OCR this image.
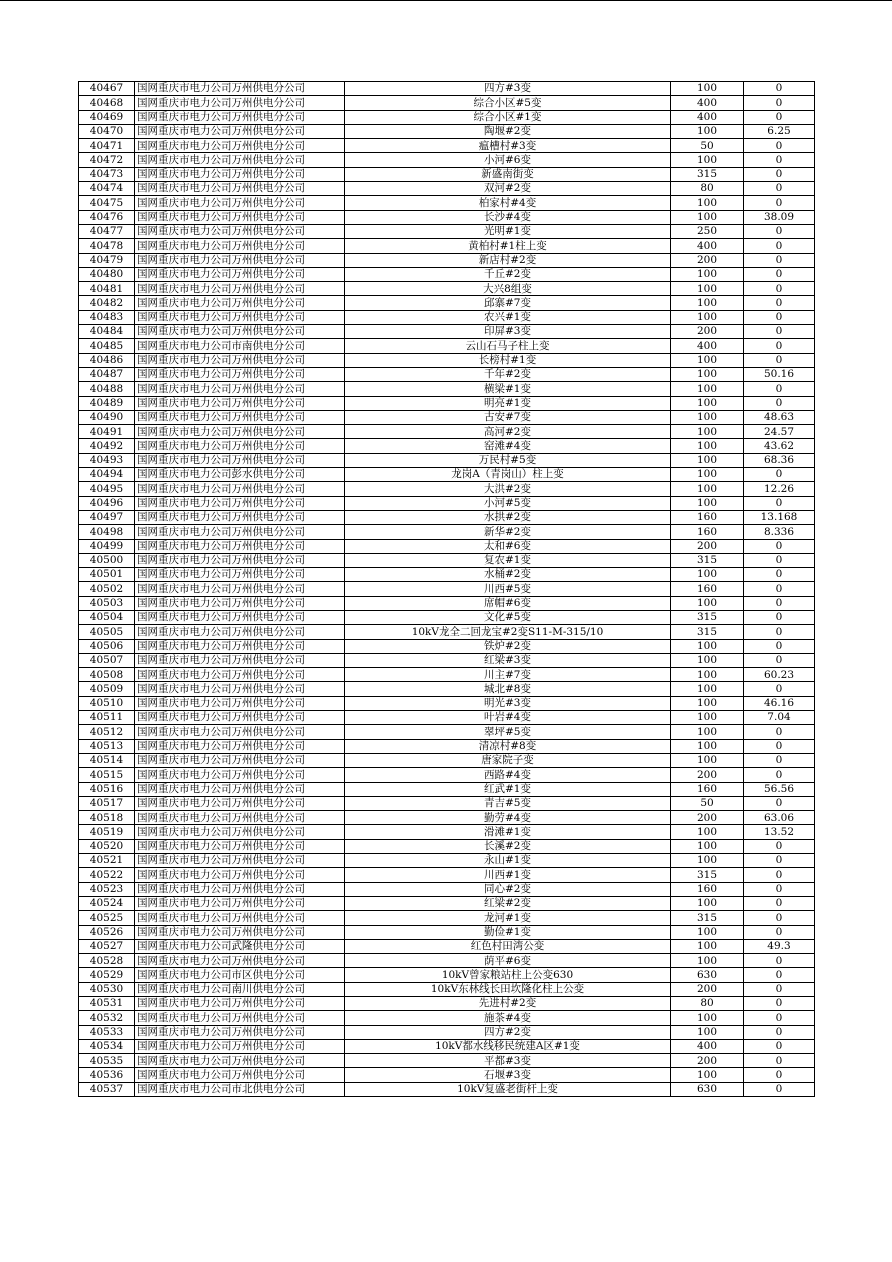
40467	国网重庆市电力公司万州供电分公司	四方#3变	100	0
40468	国网重庆市电力公司万州供电分公司	综合小区#5变	400	0
40469	国网重庆市电力公司万州供电分公司	综合小区#1变	400	0
40470	国网重庆市电力公司万州供电分公司	陶堰#2变	100	6.25
40471	国网重庆市电力公司万州供电分公司	瘟槽村#3变	50	0
40472	国网重庆市电力公司万州供电分公司	小河#6变	100	0
40473	国网重庆市电力公司万州供电分公司	新盛南街变	315	0
40474	国网重庆市电力公司万州供电分公司	双河#2变	80	0
40475	国网重庆市电力公司万州供电分公司	柏家村#4变	100	0
40476	国网重庆市电力公司万州供电分公司	长沙#4变	100	38.09
40477	国网重庆市电力公司万州供电分公司	光明#1变	250	0
40478	国网重庆市电力公司万州供电分公司	黄柏村#1柱上变	400	0
40479	国网重庆市电力公司万州供电分公司	新店村#2变	200	0
40480	国网重庆市电力公司万州供电分公司	千丘#2变	100	0
40481	国网重庆市电力公司万州供电分公司	大兴8组变	100	0
40482	国网重庆市电力公司万州供电分公司	邱寨#7变	100	0
40483	国网重庆市电力公司万州供电分公司	农兴#1变	100	0
40484	国网重庆市电力公司万州供电分公司	印屏#3变	200	0
40485	国网重庆市电力公司市南供电分公司	云山石马子柱上变	400	0
40486	国网重庆市电力公司万州供电分公司	长榜村#1变	100	0
40487	国网重庆市电力公司万州供电分公司	千年#2变	100	50.16
40488	国网重庆市电力公司万州供电分公司	横梁#1变	100	0
40489	国网重庆市电力公司万州供电分公司	明亮#1变	100	0
40490	国网重庆市电力公司万州供电分公司	古安#7变	100	48.63
40491	国网重庆市电力公司万州供电分公司	高河#2变	100	24.57
40492	国网重庆市电力公司万州供电分公司	窑滩#4变	100	43.62
40493	国网重庆市电力公司万州供电分公司	万民村#5变	100	68.36
40494	国网重庆市电力公司彭水供电分公司	龙岗A（青岗山）柱上变	100	0
40495	国网重庆市电力公司万州供电分公司	大洪#2变	100	12.26
40496	国网重庆市电力公司万州供电分公司	小河#5变	100	0
40497	国网重庆市电力公司万州供电分公司	水拱#2变	160	13.168
40498	国网重庆市电力公司万州供电分公司	新华#2变	160	8.336
40499	国网重庆市电力公司万州供电分公司	太和#6变	200	0
40500	国网重庆市电力公司万州供电分公司	复农#1变	315	0
40501	国网重庆市电力公司万州供电分公司	水桶#2变	100	0
40502	国网重庆市电力公司万州供电分公司	川西#5变	160	0
40503	国网重庆市电力公司万州供电分公司	席帽#6变	100	0
40504	国网重庆市电力公司万州供电分公司	文化#5变	315	0
40505	国网重庆市电力公司万州供电分公司	10kV龙全二回龙宝#2变S11-M-315/10	315	0
40506	国网重庆市电力公司万州供电分公司	铁炉#2变	100	0
40507	国网重庆市电力公司万州供电分公司	红梁#3变	100	0
40508	国网重庆市电力公司万州供电分公司	川主#7变	100	60.23
40509	国网重庆市电力公司万州供电分公司	城北#8变	100	0
40510	国网重庆市电力公司万州供电分公司	明光#3变	100	46.16
40511	国网重庆市电力公司万州供电分公司	叶岩#4变	100	7.04
40512	国网重庆市电力公司万州供电分公司	翠坪#5变	100	0
40513	国网重庆市电力公司万州供电分公司	清凉村#8变	100	0
40514	国网重庆市电力公司万州供电分公司	唐家院子变	100	0
40515	国网重庆市电力公司万州供电分公司	西路#4变	200	0
40516	国网重庆市电力公司万州供电分公司	红武#1变	160	56.56
40517	国网重庆市电力公司万州供电分公司	青吉#5变	50	0
40518	国网重庆市电力公司万州供电分公司	勤劳#4变	200	63.06
40519	国网重庆市电力公司万州供电分公司	滑滩#1变	100	13.52
40520	国网重庆市电力公司万州供电分公司	长溪#2变	100	0
40521	国网重庆市电力公司万州供电分公司	永山#1变	100	0
40522	国网重庆市电力公司万州供电分公司	川西#1变	315	0
40523	国网重庆市电力公司万州供电分公司	同心#2变	160	0
40524	国网重庆市电力公司万州供电分公司	红梁#2变	100	0
40525	国网重庆市电力公司万州供电分公司	龙河#1变	315	0
40526	国网重庆市电力公司万州供电分公司	勤俭#1变	100	0
40527	国网重庆市电力公司武隆供电分公司	红色村田湾公变	100	49.3
40528	国网重庆市电力公司万州供电分公司	荫平#6变	100	0
40529	国网重庆市电力公司市区供电分公司	10kV曾家粮站柱上公变630	630	0
40530	国网重庆市电力公司南川供电分公司	10kV东林线长田坎隆化柱上公变	200	0
40531	国网重庆市电力公司万州供电分公司	先进村#2变	80	0
40532	国网重庆市电力公司万州供电分公司	施茶#4变	100	0
40533	国网重庆市电力公司万州供电分公司	四方#2变	100	0
40534	国网重庆市电力公司万州供电分公司	10kV都水线移民统建A区#1变	400	0
40535	国网重庆市电力公司万州供电分公司	平都#3变	200	0
40536	国网重庆市电力公司万州供电分公司	石堰#3变	100	0
40537	国网重庆市电力公司市北供电分公司	10kV复盛老街杆上变	630	0
